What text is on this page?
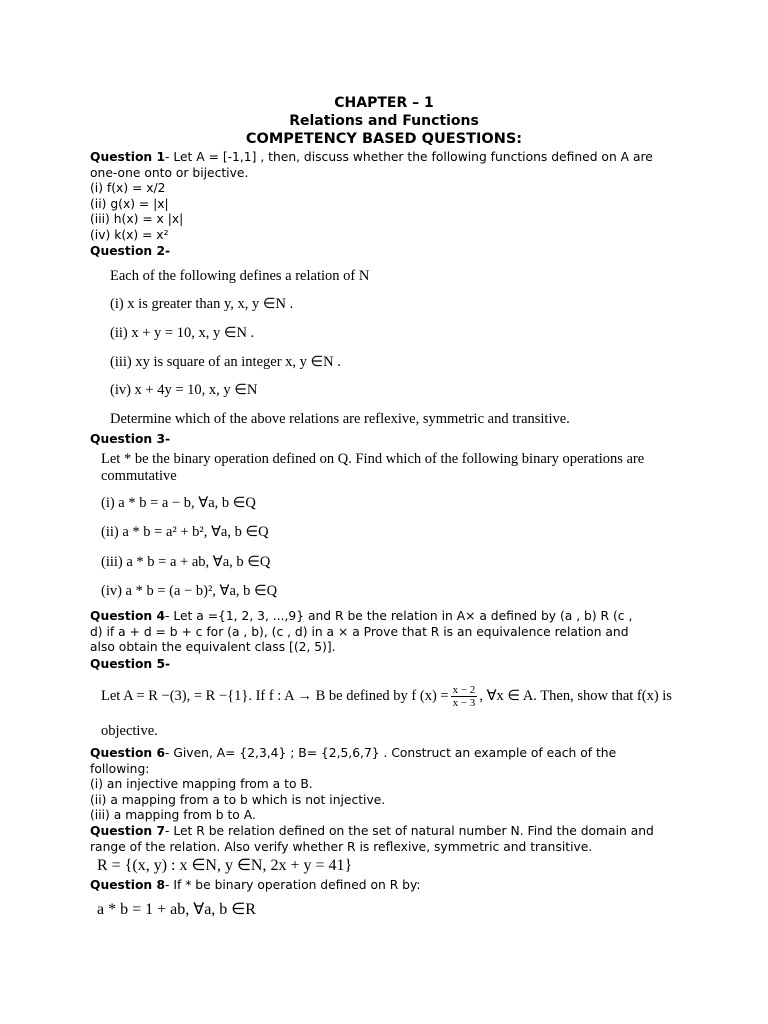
CHAPTER – 1
Relations and Functions
COMPETENCY BASED QUESTIONS:
Question 1- Let A = [-1,1] , then, discuss whether the following functions defined on A are
one-one onto or bijective.
(i) f(x) = x/2
(ii) g(x) = |x|
(iii) h(x) = x |x|
(iv) k(x) = x²
Question 2-
Each of the following defines a relation of N
(i) x is greater than y, x, y ∈N .
(ii) x + y = 10, x, y ∈N .
(iii) xy is square of an integer x, y ∈N .
(iv) x + 4y = 10, x, y ∈N
Determine which of the above relations are reflexive, symmetric and transitive.
Question 3-
Let * be the binary operation defined on Q. Find which of the following binary operations are
commutative
(i) a * b = a − b, ∀a, b ∈Q
(ii) a * b = a² + b², ∀a, b ∈Q
(iii) a * b = a + ab, ∀a, b ∈Q
(iv) a * b = (a − b)², ∀a, b ∈Q
Question 4- Let a ={1, 2, 3, ...,9} and R be the relation in A× a defined by (a , b) R (c ,
d) if a + d = b + c for (a , b), (c , d) in a × a Prove that R is an equivalence relation and
also obtain the equivalent class [(2, 5)].
Question 5-
Let A = R −(3), = R −{1}. If f : A → B be defined by f $(x) = \frac{x - 2}{x - 3}$ , ∀x ∈ A. Then, show that f(x) is
objective.
Question 6- Given, A= {2,3,4} ; B= {2,5,6,7} . Construct an example of each of the
following:
(i) an injective mapping from a to B.
(ii) a mapping from a to b which is not injective.
(iii) a mapping from b to A.
Question 7- Let R be relation defined on the set of natural number N. Find the domain and
range of the relation. Also verify whether R is reflexive, symmetric and transitive.
R = {(x, y) : x ∈N, y ∈N, 2x + y = 41}
Question 8- If * be binary operation defined on R by:
a * b = 1 + ab, ∀a, b ∈R
